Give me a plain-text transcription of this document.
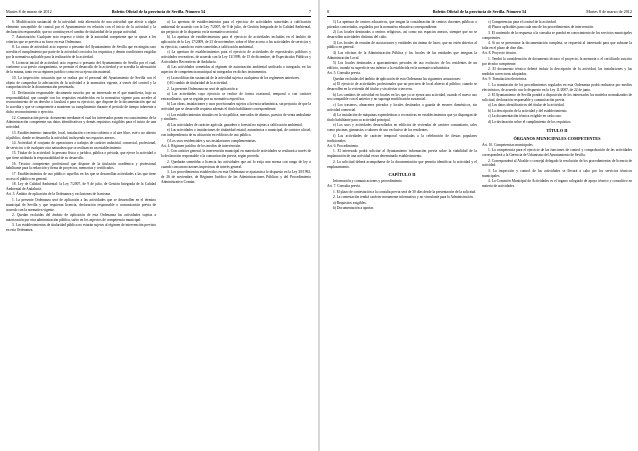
Martes 8 de marzo de 2012	Boletín Oficial de la provincia de Sevilla. Número 54	7

6. Modificación sustancial de la actividad: toda alteración de una actividad que afecte a algún elemento susceptible de control por el Ayuntamiento en relación con el inicio de la actividad y la declaración responsable, que no constituyen el cambio de titularidad de la propia actividad.

7. Autorización: Cualquier acto expreso o tácito de la autoridad competente que se ajuste a los criterios que se prevén a su favor en esta Ordenanza.

8. La causa de actividad: acto expreso o presunto del Ayuntamiento de Sevilla que en ningún caso acredita el cumplimiento por parte de la actividad con todos los requisitos y demás condiciones exigidas por la normativa aplicable para la realización de la actividad.

9. Licencia inicial de actividad: acto expreso o presunto del Ayuntamiento de Sevilla por el cual, conforme a su previo otorgamiento, se permite el desarrollo de la actividad y se acredita la adecuación de la misma, tanto en su régimen jurídico como en su ejecución material.

10. La inspección: actuación que se realiza por el personal del Ayuntamiento de Sevilla con el objeto de comprobar la adecuación de la actividad a la normativa vigente, a través del control y la comprobación de la documentación presentada.

11. Declaración responsable: documento suscrito por un interesado en el que manifiesta, bajo su responsabilidad, que cumple con los requisitos establecidos en la normativa vigente para acceder al reconocimiento de un derecho o facultad o para su ejercicio, que dispone de la documentación que así lo acredita y que se compromete a mantener su cumplimiento durante el periodo de tiempo inherente a dicho reconocimiento o ejercicio.

12. Comunicación previa: documento mediante el cual los interesados ponen en conocimiento de la Administración competente sus datos identificativos y demás requisitos exigibles para el inicio de una actividad.

13. Establecimiento: inmueble, local, instalación o recinto cubierto o al aire libre, esté o no abierto al público, donde se desarrolla la actividad, incluyendo sus espacios anexos.

14. Actividad: el conjunto de operaciones o trabajos de carácter industrial, comercial, profesional, de servicios o de cualquier otra naturaleza que se realizan en un establecimiento.

15. Titular de la actividad: la persona física o jurídica, pública o privada, que ejerce la actividad o que tiene atribuida la responsabilidad de su desarrollo.

16. Técnico competente: profesional que dispone de la titulación académica y profesional habilitante para la redacción y firma de proyectos, memorias y certificados.

17. Establecimientos de uso público: aquellos en los que se desarrollan actividades a las que tiene acceso el público en general.

18. Ley de Calidad Ambiental: la Ley 7/2007, de 9 de julio, de Gestión Integrada de la Calidad Ambiental de Andalucía.

Art. 3. Ámbito de aplicación de la Ordenanza y exclusiones de la misma.

1. La presente Ordenanza será de aplicación a las actividades que se desarrollen en el término municipal de Sevilla y que requieran licencia, declaración responsable o comunicación previa de acuerdo con la normativa vigente.

2. Quedan excluidas del ámbito de aplicación de esta Ordenanza las actividades sujetas a autorización por otra administración pública, salvo en los aspectos de competencia municipal.

3. Los establecimientos de titularidad pública no estarán sujetos al régimen de intervención previsto en esta Ordenanza.

a) La apertura de establecimientos para el ejercicio de actividades sometidas a calificación ambiental de acuerdo con la Ley 7/2007, de 9 de julio, de Gestión Integrada de la Calidad Ambiental, sin perjuicio de lo dispuesto en la normativa sectorial.

b) La apertura de establecimientos para el ejercicio de actividades incluidas en el ámbito de aplicación de la Ley 17/2009, de 23 de noviembre, sobre el libre acceso a las actividades de servicios y su ejercicio, cuando no estén sometidas a calificación ambiental.

c) La apertura de establecimientos para el ejercicio de actividades de espectáculos públicos y actividades recreativas, de acuerdo con la Ley 13/1999, de 15 de diciembre, de Espectáculos Públicos y Actividades Recreativas de Andalucía.

d) Las actividades sometidas al régimen de autorización ambiental unificada o integrada, en los aspectos de competencia municipal no integrados en dichos instrumentos.

e) La modificación sustancial de la actividad sujeta a cualquiera de los regímenes anteriores.

f) El cambio de titularidad de la actividad.

2. La presente Ordenanza no será de aplicación a:

a) Las actividades cuyo ejercicio se realice de forma ocasional, temporal o con carácter extraordinario, que se regirán por su normativa específica.

b) Las obras, instalaciones y usos provisionales sujetos a licencia urbanística, sin perjuicio de que la actividad que se desarrolle requiera además el título habilitante correspondiente.

c) Los establecimientos situados en la vía pública, mercados de abastos, puestos de venta ambulante y similares.

d) Las actividades de carácter agrícola, ganadero o forestal no sujetas a calificación ambiental.

e) Las actividades o instalaciones de titularidad estatal, autonómica o municipal, de carácter oficial, con independencia de su ubicación en edificios de uso público.

f) Los usos residenciales y sus instalaciones complementarias.

Art. 4. Régimen jurídico de los medios de intervención.

1. Con carácter general, la intervención municipal en materia de actividades se realizará a través de la declaración responsable o la comunicación previa, según proceda.

2. Quedarán sometidas a licencia las actividades que así lo exija una norma con rango de ley o cuando concurran razones imperiosas de interés general.

3. Los procedimientos establecidos en esta Ordenanza se ajustarán a lo dispuesto en la Ley 30/1992, de 26 de noviembre, de Régimen Jurídico de las Administraciones Públicas y del Procedimiento Administrativo Común.

8	Boletín Oficial de la provincia de Sevilla. Número 54	Martes 8 de marzo de 2012

1) La apertura de centros educativos, que tengan la consideración de centros docentes públicos o privados concertados, regulados por la normativa educativa correspondiente.

2) Los locales destinados a centros religiosos, así como sus espacios anexos, siempre que no se desarrollen actividades distintas del culto.

3) Los locales de reunión de asociaciones y entidades sin ánimo de lucro, que no estén abiertos al público en general.

4) Las oficinas de la Administración Pública y los locales de las entidades que integran la Administración Local.

5) Los locales destinados a aparcamientos privados de uso exclusivo de los residentes de un edificio, cuando su superficie sea inferior a la establecida en la normativa urbanística.

Art. 5. Consulta previa.

Quedan excluidas del ámbito de aplicación de esta Ordenanza las siguientes actuaciones:

a) El ejercicio de actividades profesionales que no precisen de local abierto al público, cuando se desarrollen en la vivienda del titular y sin afectar a terceros.

b) Los cambios de actividad en locales en los que ya se ejerza una actividad, cuando el nuevo uso sea compatible con el anterior y no suponga modificación sustancial.

c) Los trasteros, almacenes privados y locales destinados a guarda de enseres domésticos, sin actividad comercial.

d) La instalación de máquinas expendedoras o recreativas en establecimientos que ya dispongan de título habilitante para su actividad principal.

e) Los usos y actividades desarrollados en edificios de viviendas de carácter comunitario, tales como piscinas, gimnasios o salones de uso exclusivo de los residentes.

f) Las actividades de carácter temporal vinculadas a la celebración de fiestas populares tradicionales.

Art. 6. Procedimiento.

1. El interesado podrá solicitar al Ayuntamiento información previa sobre la viabilidad de la implantación de una actividad en un determinado establecimiento.

2. La solicitud deberá acompañarse de la documentación que permita identificar la actividad y el emplazamiento.

CAPÍTULO II

Información y comunicaciones y procedimiento

Art. 7. Consulta previa.

1. El plazo de contestación a la consulta previa será de 30 días desde la presentación de la solicitud.

2. La contestación tendrá carácter meramente informativo y no vinculante para la Administración.

a) Requisitos exigibles.

b) Documentación a aportar.

c) Competencias para el control de la actividad.

d) Plazos aplicables para cada uno de los procedimientos de intervención.

3. El contenido de la respuesta a la consulta se pondrá en conocimiento de los servicios municipales competentes.

4. Si no se presentase la documentación completa, se requerirá al interesado para que subsane la falta en el plazo de diez días.

Art. 8. Proyecto técnico.

1. Tendrá la consideración de documento técnico el proyecto, la memoria o el certificado suscrito por técnico competente.

2. El documento técnico deberá incluir la descripción de la actividad, las instalaciones y las medidas correctoras adoptadas.

Art. 9. Tramitación electrónica.

1. La tramitación de los procedimientos regulados en esta Ordenanza podrá realizarse por medios electrónicos, de acuerdo con lo dispuesto en la Ley 11/2007, de 22 de junio.

2. El Ayuntamiento de Sevilla pondrá a disposición de los interesados los modelos normalizados de solicitud, declaración responsable y comunicación previa.

a) Los datos identificativos del titular de la actividad.

b) La descripción de la actividad y del establecimiento.

c) La documentación técnica exigible en cada caso.

d) La declaración sobre el cumplimiento de los requisitos.

TÍTULO II
ÓRGANOS MUNICIPALES COMPETENTES

Art. 10. Competencias municipales.

1. La competencia para el ejercicio de las funciones de control y comprobación de las actividades corresponderá a la Gerencia de Urbanismo del Ayuntamiento de Sevilla.

2. Corresponderá al Alcalde o concejal delegado la resolución de los procedimientos de licencia de actividad.

3. La inspección y control de las actividades se llevará a cabo por los servicios técnicos municipales.

4. La Comisión Municipal de Actividades es el órgano colegiado de apoyo técnico y consultivo en materia de actividades.
